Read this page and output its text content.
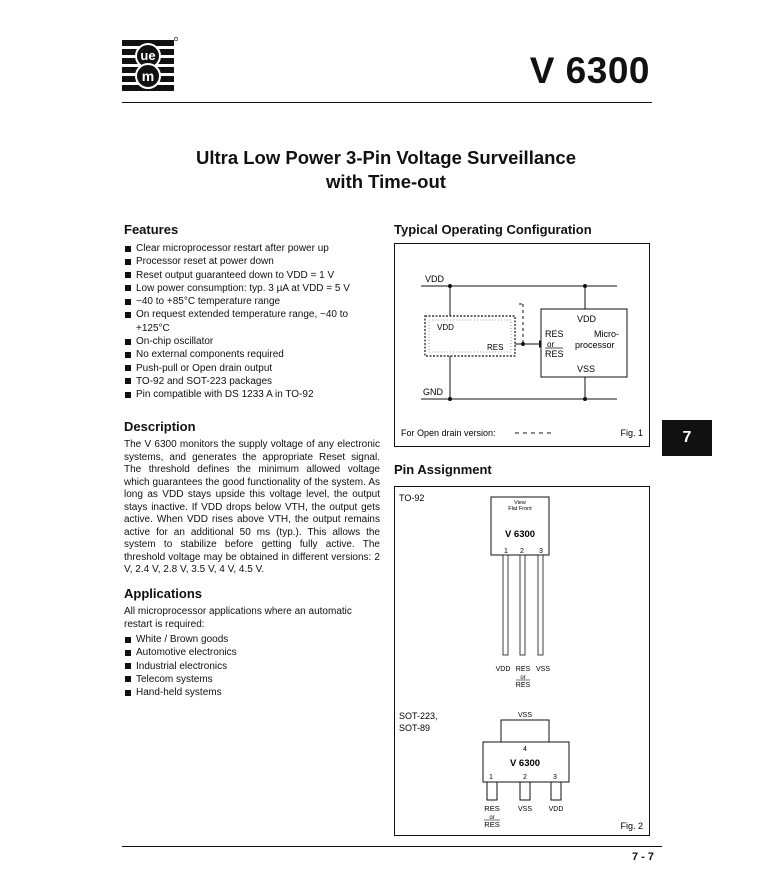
ue
m	V 6300
Ultra Low Power 3-Pin Voltage Surveillance
with Time-out
Features
Clear microprocessor restart after power up
Processor reset at power down
Reset output guaranteed down to VDD = 1 V
Low power consumption: typ. 3 µA at VDD = 5 V
−40 to +85°C temperature range
On request extended temperature range, −40 to +125°C
On-chip oscillator
No external components required
Push-pull or Open drain output
TO-92 and SOT-223 packages
Pin compatible with DS 1233 A in TO-92
Description
The V 6300 monitors the supply voltage of any electronic systems, and generates the appropriate Reset signal. The threshold defines the minimum allowed voltage which guarantees the good functionality of the system. As long as VDD stays upside this voltage level, the output stays inactive. If VDD drops below VTH, the output gets active. When VDD rises above VTH, the output remains active for an additional 50 ms (typ.). This allows the system to stabilize before getting fully active. The threshold voltage may be obtained in different versions: 2 V, 2.4 V, 2.8 V, 3.5 V, 4 V, 4.5 V.
Applications
All microprocessor applications where an automatic restart is required:
White / Brown goods
Automotive electronics
Industrial electronics
Telecom systems
Hand-held systems
Typical Operating Configuration
VDD
GND
VDD
RES
VDD
RES
or
RES
Micro-
processor
VSS
For Open drain version:	Fig. 1
Pin Assignment
TO-92	View
Flat Front
V 6300
1 2 3
VDD RES VSS
or
RES
SOT-223,
SOT-89
VSS
4
V 6300
1	2	3
RES	VSS VDD
or
RES	Fig. 2
7
7 - 7
